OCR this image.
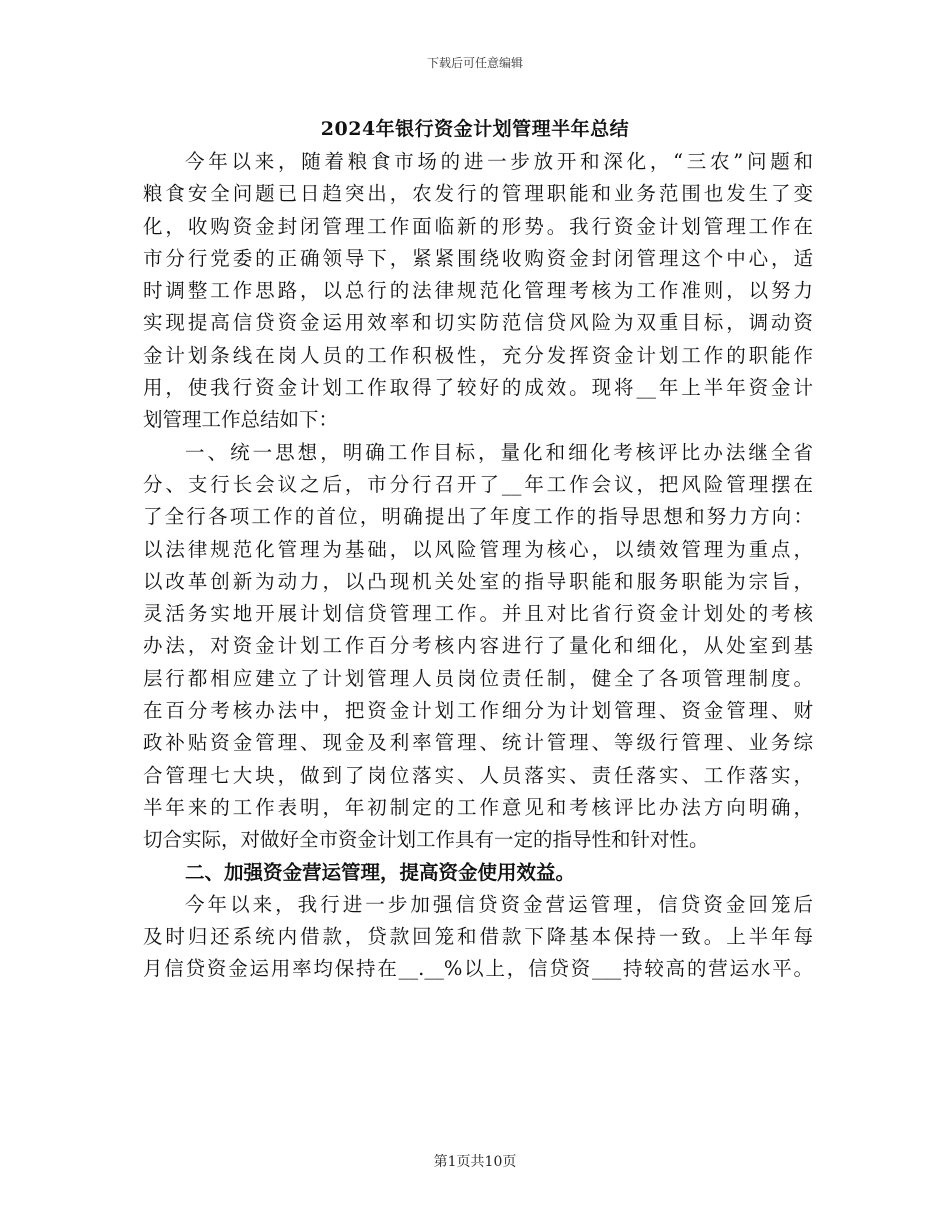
下载后可任意编辑
2024年银行资金计划管理半年总结
今年以来，随着粮食市场的进一步放开和深化，“三农”问题和
粮食安全问题已日趋突出，农发行的管理职能和业务范围也发生了变
化，收购资金封闭管理工作面临新的形势。我行资金计划管理工作在
市分行党委的正确领导下，紧紧围绕收购资金封闭管理这个中心，适
时调整工作思路，以总行的法律规范化管理考核为工作准则，以努力
实现提高信贷资金运用效率和切实防范信贷风险为双重目标，调动资
金计划条线在岗人员的工作积极性，充分发挥资金计划工作的职能作
用，使我行资金计划工作取得了较好的成效。现将__年上半年资金计
划管理工作总结如下：
一、统一思想，明确工作目标，量化和细化考核评比办法继全省
分、支行长会议之后，市分行召开了__年工作会议，把风险管理摆在
了全行各项工作的首位，明确提出了年度工作的指导思想和努力方向：
以法律规范化管理为基础，以风险管理为核心，以绩效管理为重点，
以改革创新为动力，以凸现机关处室的指导职能和服务职能为宗旨，
灵活务实地开展计划信贷管理工作。并且对比省行资金计划处的考核
办法，对资金计划工作百分考核内容进行了量化和细化，从处室到基
层行都相应建立了计划管理人员岗位责任制，健全了各项管理制度。
在百分考核办法中，把资金计划工作细分为计划管理、资金管理、财
政补贴资金管理、现金及利率管理、统计管理、等级行管理、业务综
合管理七大块，做到了岗位落实、人员落实、责任落实、工作落实，
半年来的工作表明，年初制定的工作意见和考核评比办法方向明确，
切合实际，对做好全市资金计划工作具有一定的指导性和针对性。
二、加强资金营运管理，提高资金使用效益。
今年以来，我行进一步加强信贷资金营运管理，信贷资金回笼后
及时归还系统内借款，贷款回笼和借款下降基本保持一致。上半年每
月信贷资金运用率均保持在__.__%以上，信贷资___持较高的营运水平。
第1页共10页
